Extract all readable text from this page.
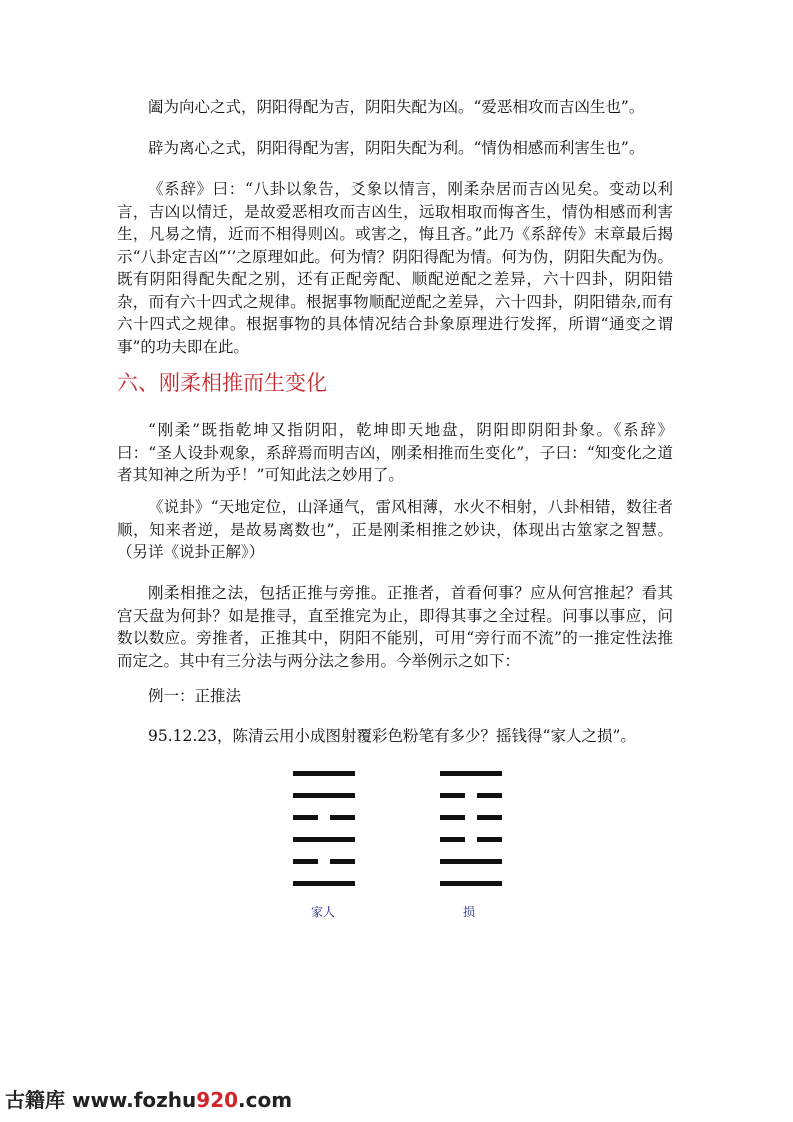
阖为向心之式，阴阳得配为吉，阴阳失配为凶。“爱恶相攻而吉凶生也”。

辟为离心之式，阴阳得配为害，阴阳失配为利。“情伪相感而利害生也”。

《系辞》曰：“八卦以象告，爻象以情言，刚柔杂居而吉凶见矣。变动以利言，吉凶以情迁，是故爱恶相攻而吉凶生，远取相取而悔吝生，情伪相感而利害生，凡易之情，近而不相得则凶。或害之，悔且吝。”此乃《系辞传》末章最后揭示“八卦定吉凶”‘’之原理如此。何为情？阴阳得配为情。何为伪，阴阳失配为伪。既有阴阳得配失配之别，还有正配旁配、顺配逆配之差异，六十四卦，阴阳错杂，而有六十四式之规律。根据事物顺配逆配之差异，六十四卦，阴阳错杂,而有六十四式之规律。根据事物的具体情况结合卦象原理进行发挥，所谓“通变之谓事”的功夫即在此。

六、刚柔相推而生变化

“刚柔”既指乾坤又指阴阳，乾坤即天地盘，阴阳即阴阳卦象。《系辞》曰：“圣人设卦观象，系辞焉而明吉凶，刚柔相推而生变化”，子曰：“知变化之道者其知神之所为乎！”可知此法之妙用了。

《说卦》“天地定位，山泽通气，雷风相薄，水火不相射，八卦相错，数往者顺，知来者逆，是故易离数也”，正是刚柔相推之妙诀，体现出古筮家之智慧。（另详《说卦正解》）

刚柔相推之法，包括正推与旁推。正推者，首看何事？应从何宫推起？看其宫天盘为何卦？如是推寻，直至推完为止，即得其事之全过程。问事以事应，问数以数应。旁推者，正推其中，阴阳不能别，可用“旁行而不流”的一推定性法推而定之。其中有三分法与两分法之参用。今举例示之如下：

例一：正推法

95.12.23，陈清云用小成图射覆彩色粉笔有多少？摇钱得“家人之损”。

家人	损
古籍库 www.fozhu920.com
